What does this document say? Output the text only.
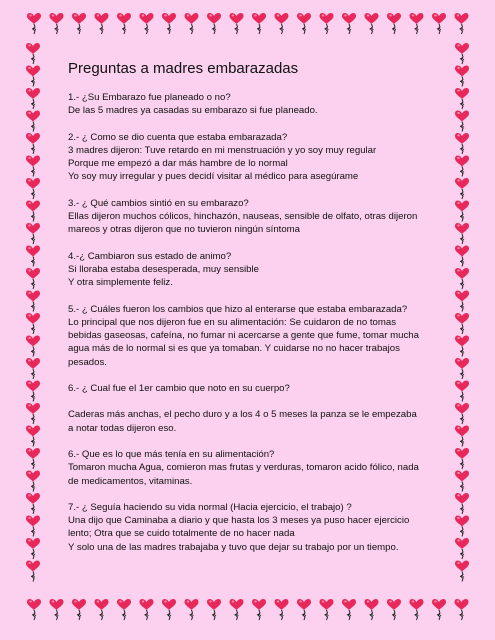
Preguntas a madres embarazadas

1.- ¿Su Embarazo fue planeado o no?

De las 5 madres ya casadas su embarazo si fue planeado.

2.- ¿ Como se dio cuenta que estaba embarazada?

3 madres dijeron: Tuve retardo en mi menstruación y yo soy muy regular

Porque me empezó a dar más hambre de lo normal

Yo soy muy irregular y pues decidí visitar al médico para asegúrame

3.- ¿ Qué cambios sintió en su embarazo?

Ellas dijeron muchos cólicos, hinchazón, nauseas, sensible de olfato, otras dijeron

mareos y otras dijeron que no tuvieron ningún síntoma

4.-¿ Cambiaron sus estado de animo?

Si lloraba estaba desesperada, muy sensible

Y otra simplemente feliz.

5.- ¿ Cuáles fueron los cambios que hizo al enterarse que estaba embarazada?

Lo principal que nos dijeron fue en su alimentación: Se cuidaron de no tomas

bebidas gaseosas, cafeína, no fumar ni acercarse a gente que fume, tomar mucha

agua más de lo normal si es que ya tomaban. Y cuidarse no no hacer trabajos

pesados.

6.- ¿ Cual fue el 1er cambio que noto en su cuerpo?

Caderas más anchas, el pecho duro y a los 4 o 5 meses la panza se le empezaba

a notar todas dijeron eso.

6.- Que es lo que más tenía en su alimentación?

Tomaron mucha Agua, comieron mas frutas y verduras, tomaron acido fólico, nada

de medicamentos, vitaminas.

7.- ¿ Seguía haciendo su vida normal (Hacia ejercicio, el trabajo) ?

Una dijo que Caminaba a diario y que hasta los 3 meses ya puso hacer ejercicio

lento; Otra que se cuido totalmente de no hacer nada

Y solo una de las madres trabajaba y tuvo que dejar su trabajo por un tiempo.
